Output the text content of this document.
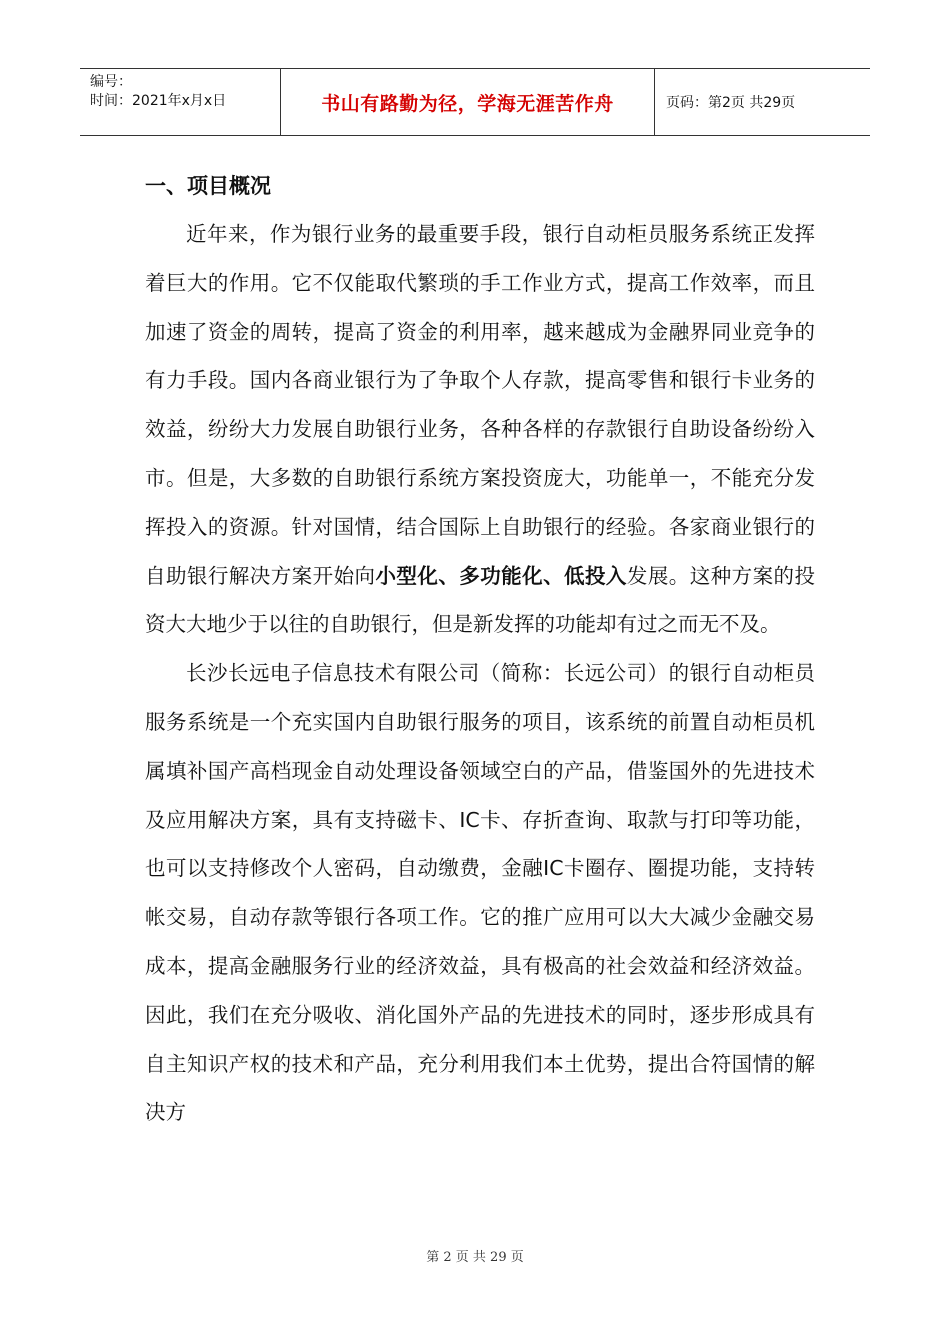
编号：
时间：2021年x月x日	书山有路勤为径，学海无涯苦作舟	页码：第2页 共29页
一、项目概况

近年来，作为银行业务的最重要手段，银行自动柜员服务系统正发挥着巨大的作用。它不仅能取代繁琐的手工作业方式，提高工作效率，而且加速了资金的周转，提高了资金的利用率，越来越成为金融界同业竞争的有力手段。国内各商业银行为了争取个人存款，提高零售和银行卡业务的效益，纷纷大力发展自助银行业务，各种各样的存款银行自助设备纷纷入市。但是，大多数的自助银行系统方案投资庞大，功能单一，不能充分发挥投入的资源。针对国情，结合国际上自助银行的经验。各家商业银行的自助银行解决方案开始向小型化、多功能化、低投入发展。这种方案的投资大大地少于以往的自助银行，但是新发挥的功能却有过之而无不及。

长沙长远电子信息技术有限公司（简称：长远公司）的银行自动柜员服务系统是一个充实国内自助银行服务的项目，该系统的前置自动柜员机属填补国产高档现金自动处理设备领域空白的产品，借鉴国外的先进技术及应用解决方案，具有支持磁卡、IC卡、存折查询、取款与打印等功能，也可以支持修改个人密码，自动缴费，金融IC卡圈存、圈提功能，支持转帐交易，自动存款等银行各项工作。它的推广应用可以大大减少金融交易成本，提高金融服务行业的经济效益，具有极高的社会效益和经济效益。因此，我们在充分吸收、消化国外产品的先进技术的同时，逐步形成具有自主知识产权的技术和产品，充分利用我们本土优势，提出合符国情的解决方

第 2 页 共 29 页
